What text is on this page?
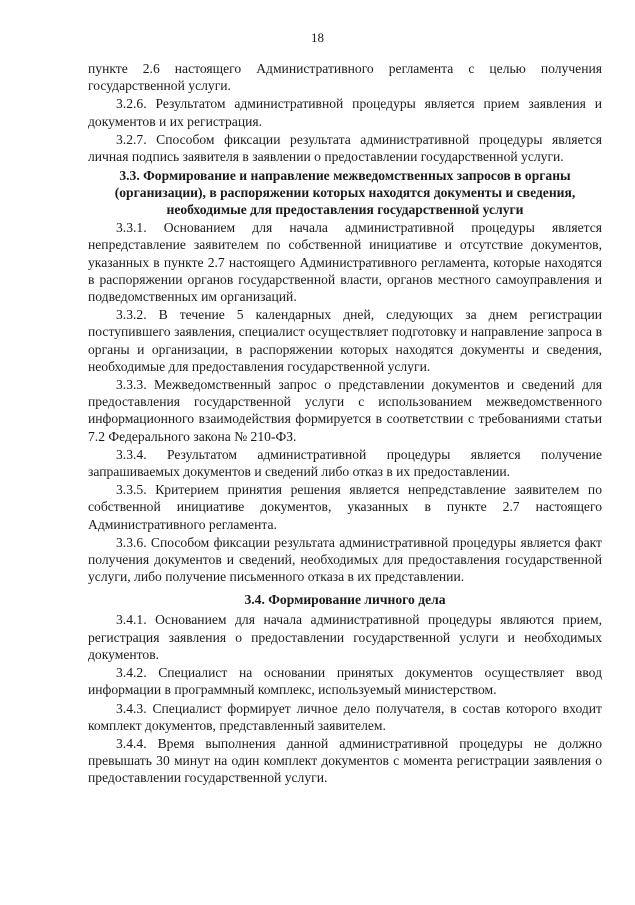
18

пункте 2.6 настоящего Административного регламента с целью получения государственной услуги.

3.2.6. Результатом административной процедуры является прием заявления и документов и их регистрация.

3.2.7. Способом фиксации результата административной процедуры является личная подпись заявителя в заявлении о предоставлении государственной услуги.

3.3. Формирование и направление межведомственных запросов в органы (организации), в распоряжении которых находятся документы и сведения, необходимые для предоставления государственной услуги

3.3.1. Основанием для начала административной процедуры является непредставление заявителем по собственной инициативе и отсутствие документов, указанных в пункте 2.7 настоящего Административного регламента, которые находятся в распоряжении органов государственной власти, органов местного самоуправления и подведомственных им организаций.

3.3.2. В течение 5 календарных дней, следующих за днем регистрации поступившего заявления, специалист осуществляет подготовку и направление запроса в органы и организации, в распоряжении которых находятся документы и сведения, необходимые для предоставления государственной услуги.

3.3.3. Межведомственный запрос о представлении документов и сведений для предоставления государственной услуги с использованием межведомственного информационного взаимодействия формируется в соответствии с требованиями статьи 7.2 Федерального закона № 210-ФЗ.

3.3.4. Результатом административной процедуры является получение запрашиваемых документов и сведений либо отказ в их предоставлении.

3.3.5. Критерием принятия решения является непредставление заявителем по собственной инициативе документов, указанных в пункте 2.7 настоящего Административного регламента.

3.3.6. Способом фиксации результата административной процедуры является факт получения документов и сведений, необходимых для предоставления государственной услуги, либо получение письменного отказа в их представлении.

3.4. Формирование личного дела

3.4.1. Основанием для начала административной процедуры являются прием, регистрация заявления о предоставлении государственной услуги и необходимых документов.

3.4.2. Специалист на основании принятых документов осуществляет ввод информации в программный комплекс, используемый министерством.

3.4.3. Специалист формирует личное дело получателя, в состав которого входит комплект документов, представленный заявителем.

3.4.4. Время выполнения данной административной процедуры не должно превышать 30 минут на один комплект документов с момента регистрации заявления о предоставлении государственной услуги.
